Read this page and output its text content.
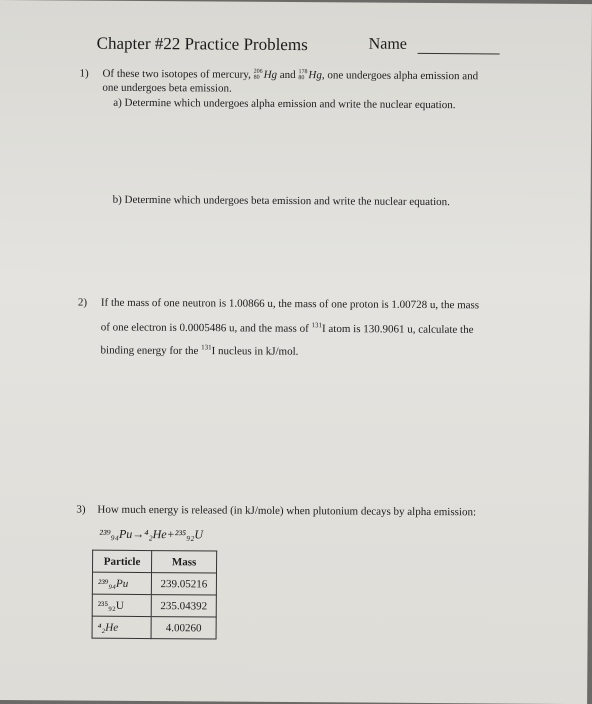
Chapter #22 Practice Problems	Name
1) Of these two isotopes of mercury, 206
80 Hg and 178
80 Hg, one undergoes alpha emission and
one undergoes beta emission.
a) Determine which undergoes alpha emission and write the nuclear equation.
b) Determine which undergoes beta emission and write the nuclear equation.
2) If the mass of one neutron is 1.00866 u, the mass of one proton is 1.00728 u, the mass
of one electron is 0.0005486 u, and the mass of $^{131}$I atom is 130.9061 u, calculate the
binding energy for the $^{131}$I nucleus in kJ/mol.
3) How much energy is released (in kJ/mole) when plutonium decays by alpha emission:
²³⁹₉₄Pu→⁴₂He+²³⁵₉₂U
Particle	Mass
²³⁹₉₄Pu	239.05216
²³⁵₉₂U	235.04392
⁴₂He	4.00260
